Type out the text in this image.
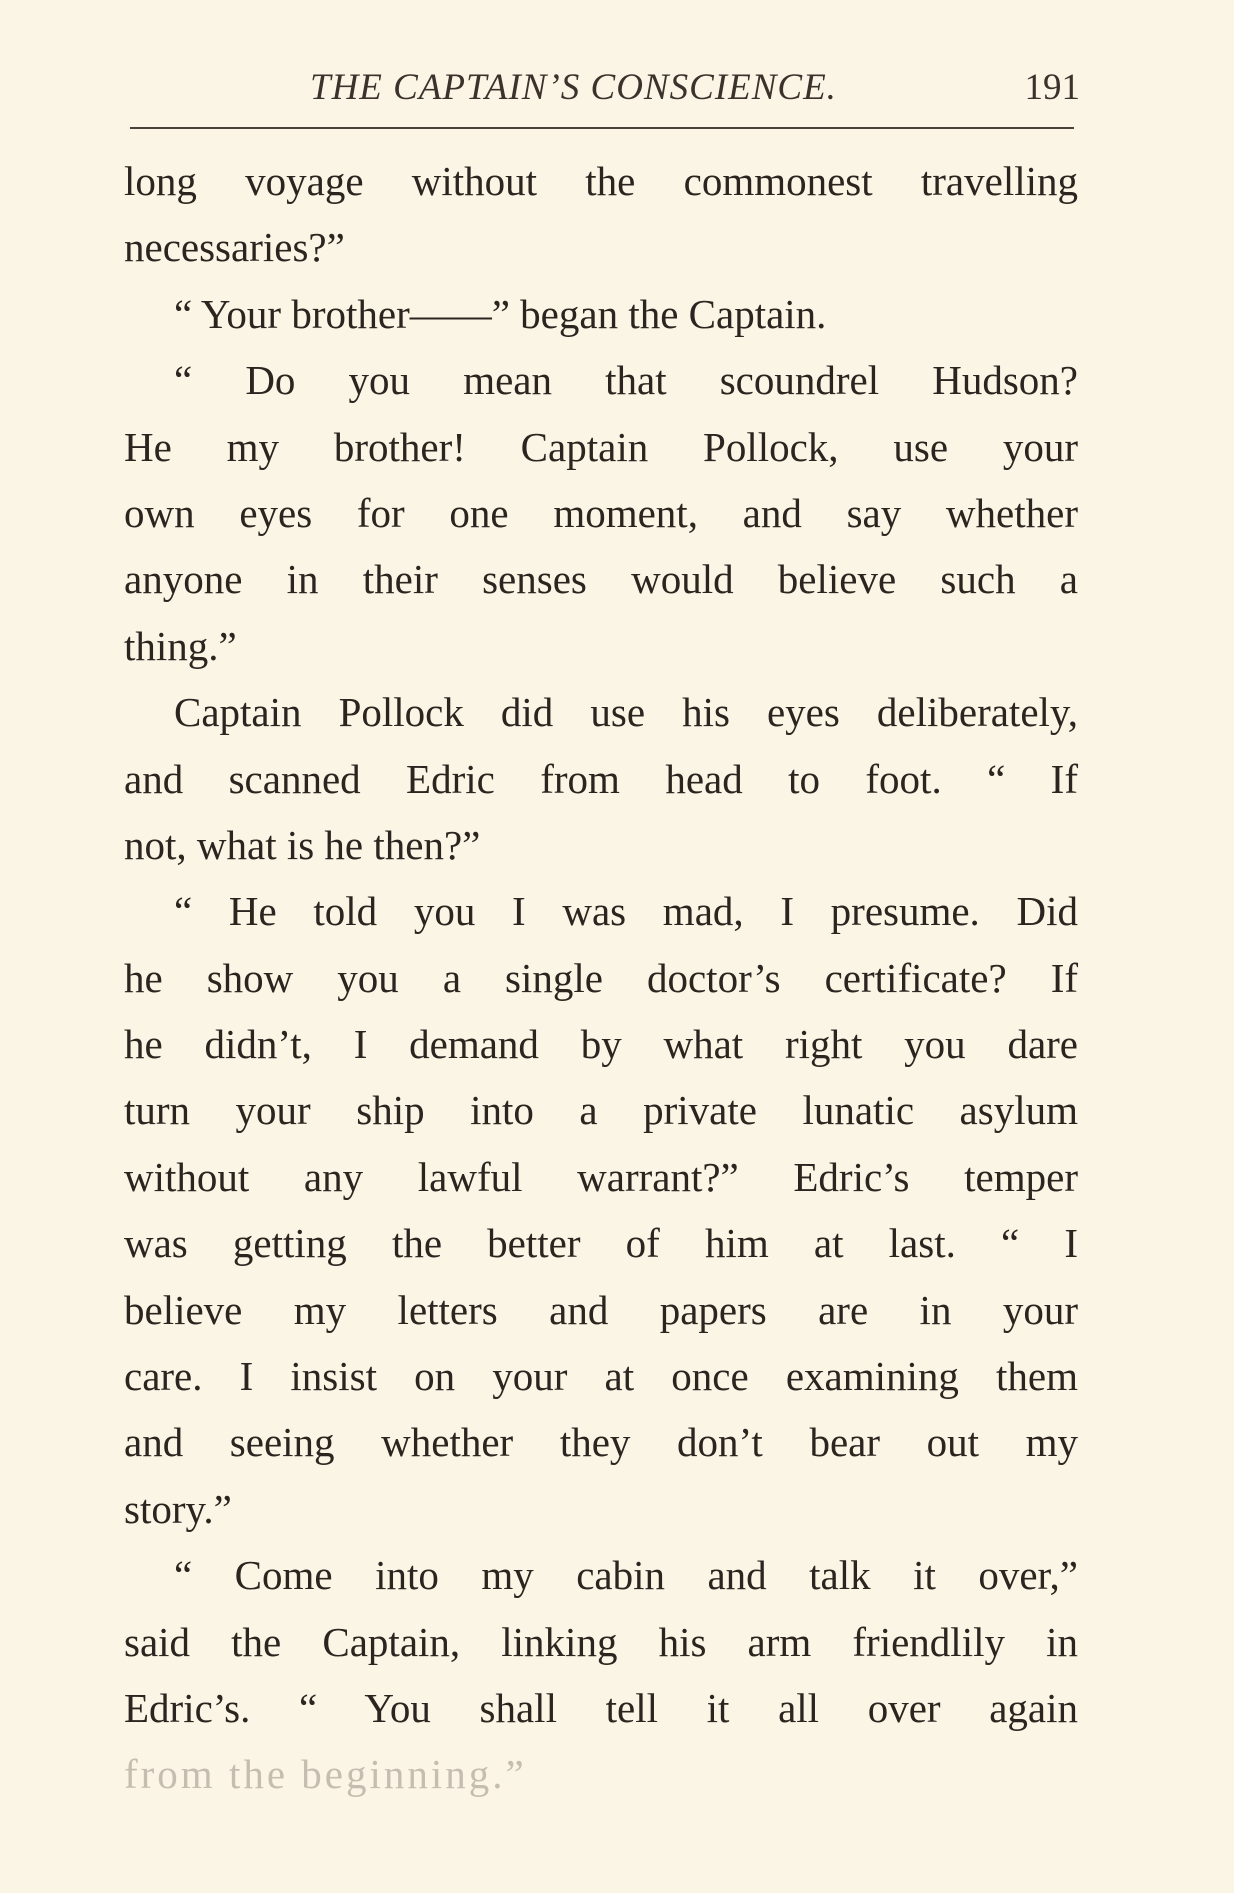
THE CAPTAIN’S CONSCIENCE.	191
long voyage without the commonest travelling
necessaries?”
“ Your brother——” began the Captain.
“ Do you mean that scoundrel Hudson?
He my brother! Captain Pollock, use your
own eyes for one moment, and say whether
anyone in their senses would believe such a
thing.”
Captain Pollock did use his eyes deliberately,
and scanned Edric from head to foot. “ If
not, what is he then?”
“ He told you I was mad, I presume. Did
he show you a single doctor’s certificate? If
he didn’t, I demand by what right you dare
turn your ship into a private lunatic asylum
without any lawful warrant?” Edric’s temper
was getting the better of him at last. “ I
believe my letters and papers are in your
care. I insist on your at once examining them
and seeing whether they don’t bear out my
story.”
“ Come into my cabin and talk it over,”
said the Captain, linking his arm friendlily in
Edric’s. “ You shall tell it all over again
from the beginning.”
